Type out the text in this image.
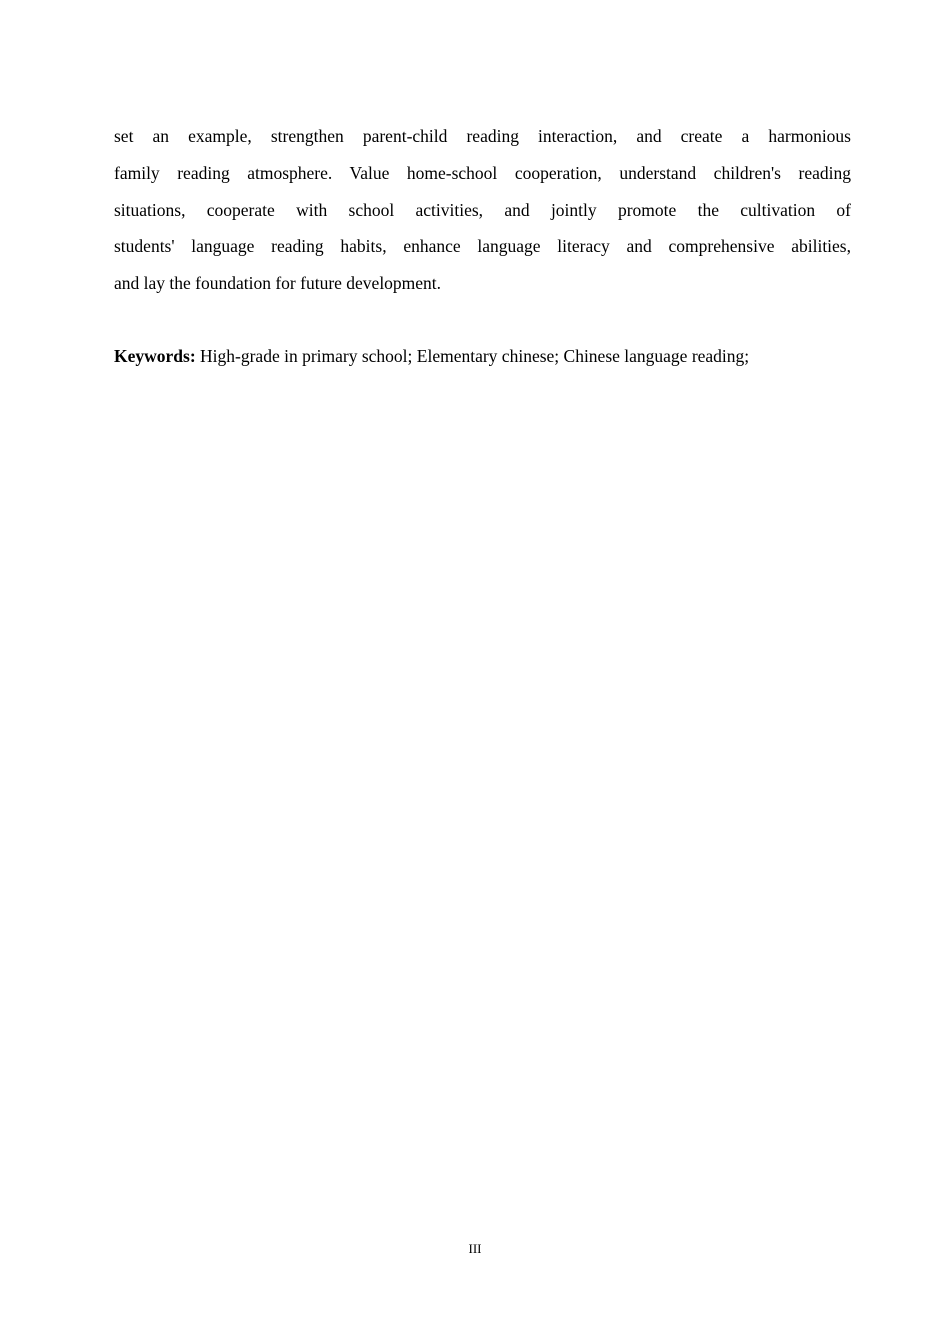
set an example, strengthen parent-child reading interaction, and create a harmonious
family reading atmosphere. Value home-school cooperation, understand children's reading
situations, cooperate with school activities, and jointly promote the cultivation of
students' language reading habits, enhance language literacy and comprehensive abilities,
and lay the foundation for future development.

Keywords: High-grade in primary school; Elementary chinese; Chinese language reading;

III
